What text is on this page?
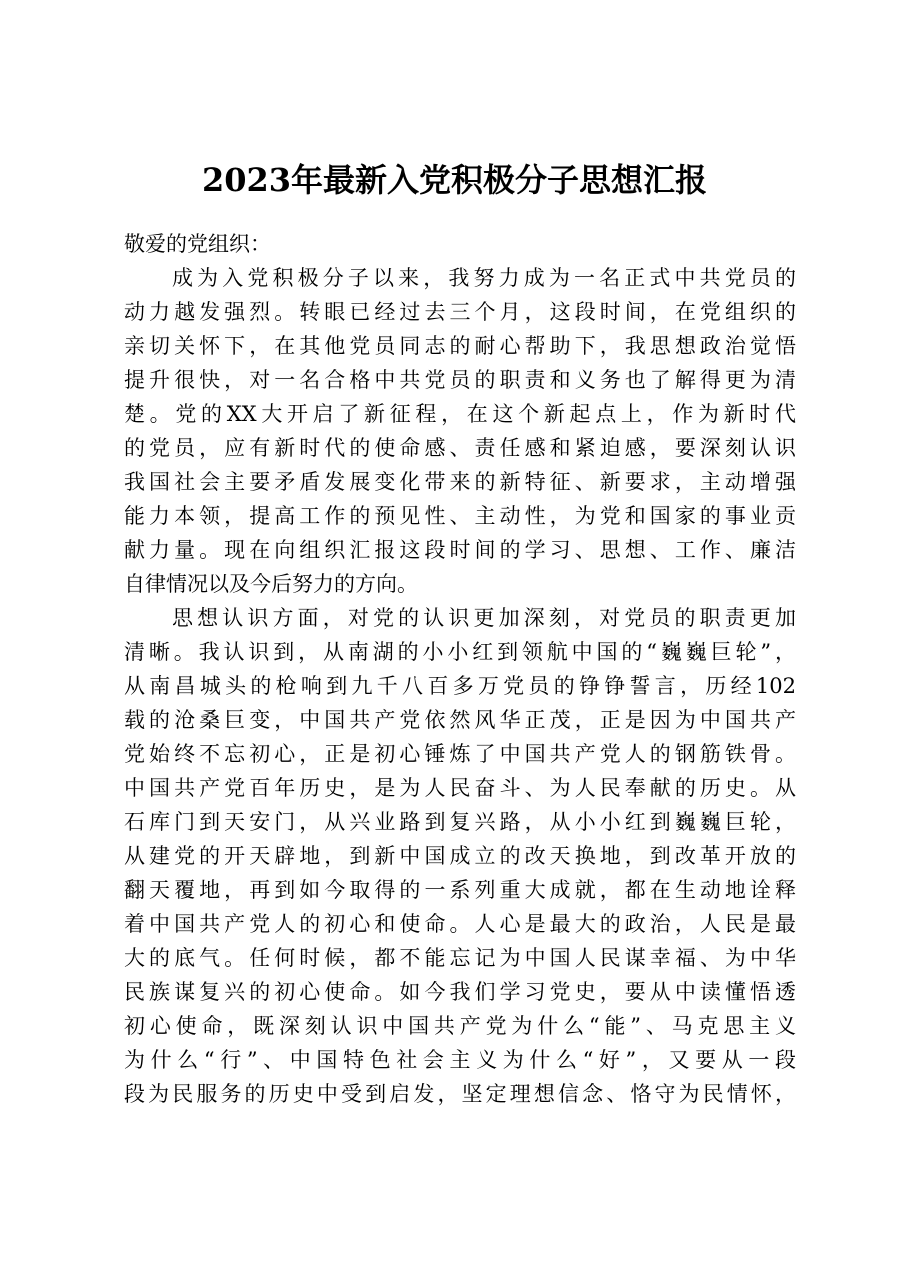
2023年最新入党积极分子思想汇报
敬爱的党组织：
成为入党积极分子以来，我努力成为一名正式中共党员的
动力越发强烈。转眼已经过去三个月，这段时间，在党组织的
亲切关怀下，在其他党员同志的耐心帮助下，我思想政治觉悟
提升很快，对一名合格中共党员的职责和义务也了解得更为清
楚。党的XX大开启了新征程，在这个新起点上，作为新时代
的党员，应有新时代的使命感、责任感和紧迫感，要深刻认识
我国社会主要矛盾发展变化带来的新特征、新要求，主动增强
能力本领，提高工作的预见性、主动性，为党和国家的事业贡
献力量。现在向组织汇报这段时间的学习、思想、工作、廉洁
自律情况以及今后努力的方向。
思想认识方面，对党的认识更加深刻，对党员的职责更加
清晰。我认识到，从南湖的小小红到领航中国的“巍巍巨轮”，
从南昌城头的枪响到九千八百多万党员的铮铮誓言，历经102
载的沧桑巨变，中国共产党依然风华正茂，正是因为中国共产
党始终不忘初心，正是初心锤炼了中国共产党人的钢筋铁骨。
中国共产党百年历史，是为人民奋斗、为人民奉献的历史。从
石库门到天安门，从兴业路到复兴路，从小小红到巍巍巨轮，
从建党的开天辟地，到新中国成立的改天换地，到改革开放的
翻天覆地，再到如今取得的一系列重大成就，都在生动地诠释
着中国共产党人的初心和使命。人心是最大的政治，人民是最
大的底气。任何时候，都不能忘记为中国人民谋幸福、为中华
民族谋复兴的初心使命。如今我们学习党史，要从中读懂悟透
初心使命，既深刻认识中国共产党为什么“能”、马克思主义
为什么“行”、中国特色社会主义为什么“好”，又要从一段
段为民服务的历史中受到启发，坚定理想信念、恪守为民情怀，
